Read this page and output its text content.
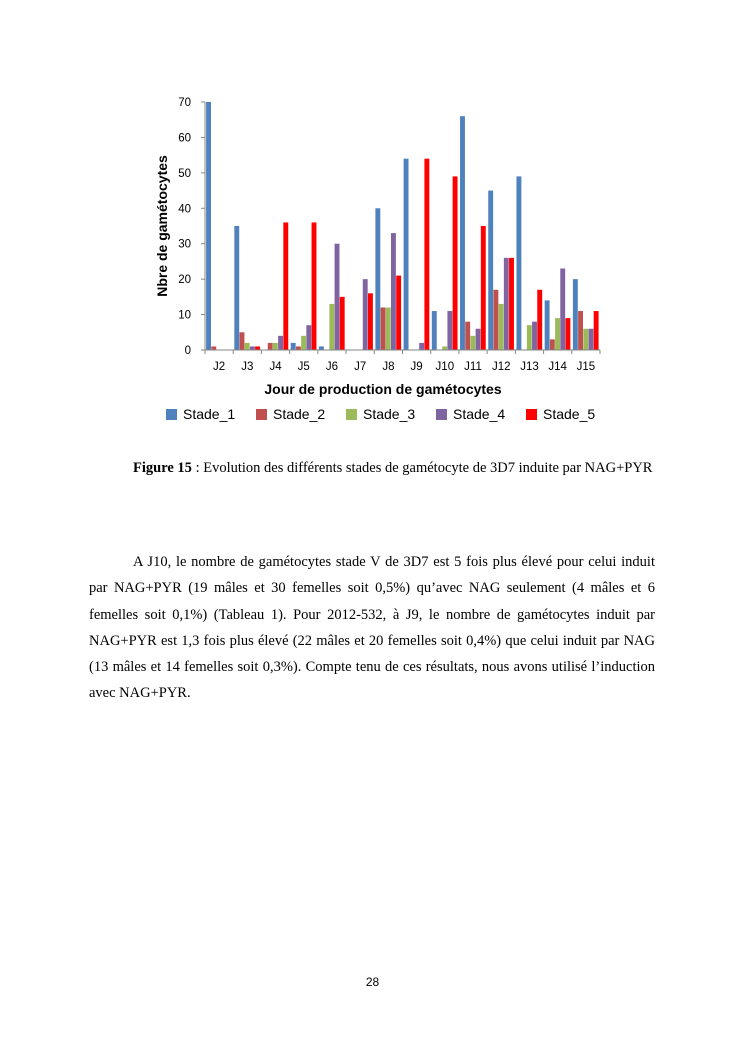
0
10
20
30
40
50
60
70
J2 J3 J4 J5 J6 J7 J8 J9 J10 J11 J12 J13 J14 J15
Nbre de gamétocytes
Jour de production de gamétocytes
Stade_1	Stade_2	Stade_3	Stade_4	Stade_5
Figure 15 : Evolution des différents stades de gamétocyte de 3D7 induite par NAG+PYR

A J10, le nombre de gamétocytes stade V de 3D7 est 5 fois plus élevé pour celui induit par NAG+PYR (19 mâles et 30 femelles soit 0,5%) qu’avec NAG seulement (4 mâles et 6 femelles soit 0,1%) (Tableau 1). Pour 2012-532, à J9, le nombre de gamétocytes induit par NAG+PYR est 1,3 fois plus élevé (22 mâles et 20 femelles soit 0,4%) que celui induit par NAG (13 mâles et 14 femelles soit 0,3%). Compte tenu de ces résultats, nous avons utilisé l’induction avec NAG+PYR.

28
